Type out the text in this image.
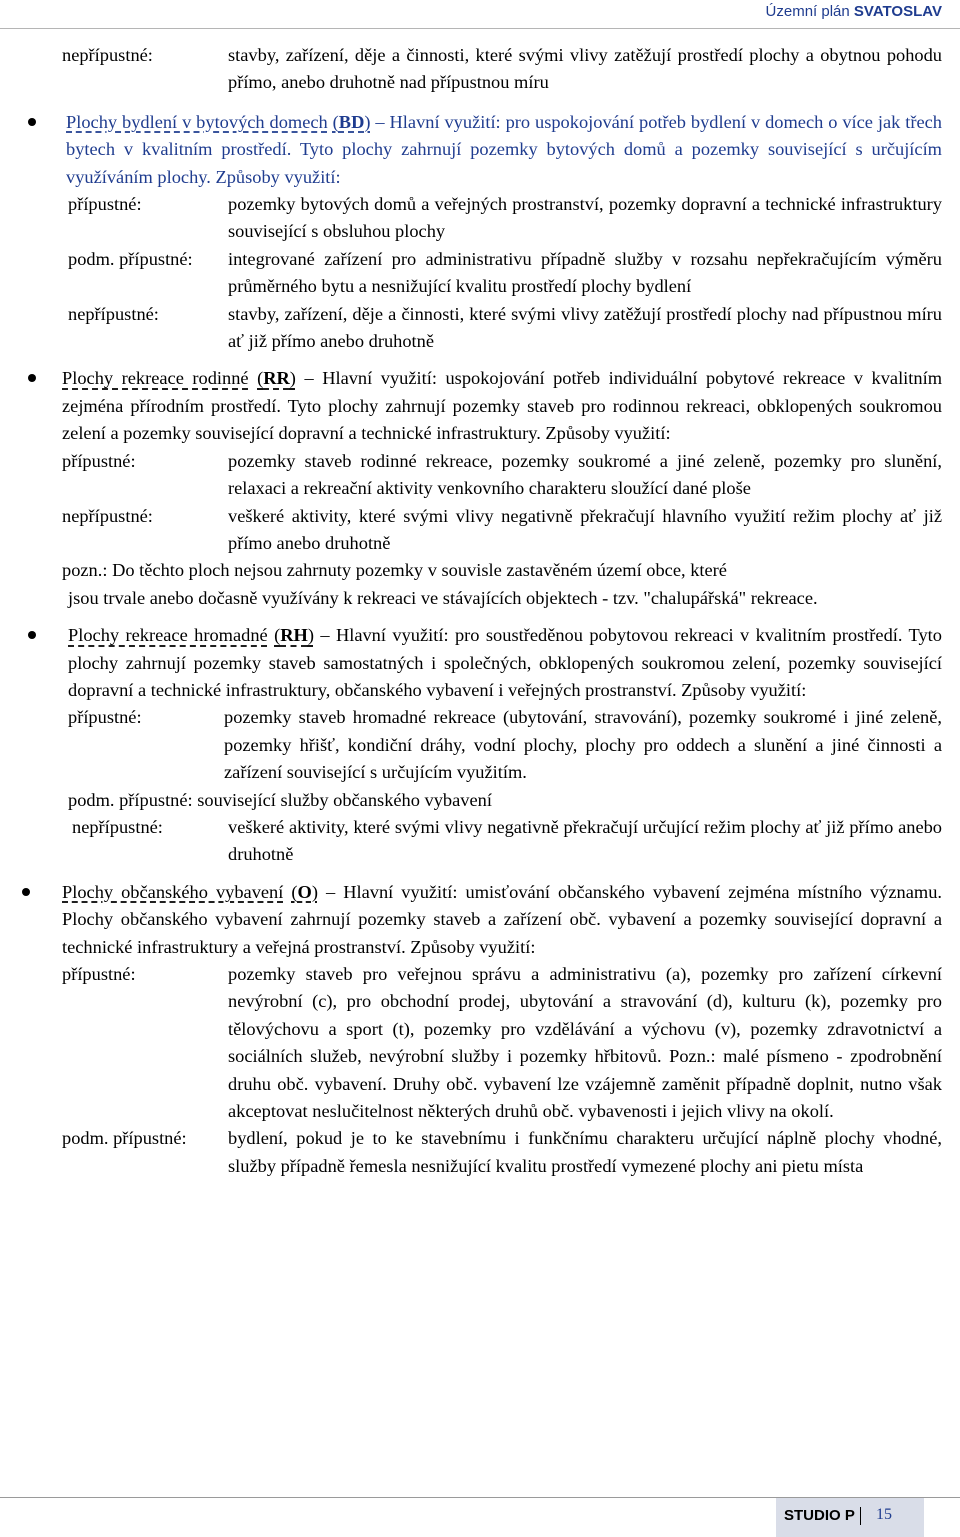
Územní plán SVATOSLAV
nepřípustné:	stavby, zařízení, děje a činnosti, které svými vlivy zatěžují prostředí plochy a obytnou pohodu přímo, anebo druhotně nad přípustnou míru
Plochy bydlení v bytových domech (BD) – Hlavní využití: pro uspokojování potřeb bydlení v domech o více jak třech bytech v kvalitním prostředí. Tyto plochy zahrnují pozemky bytových domů a pozemky související s určujícím využíváním plochy. Způsoby využití:
přípustné:	pozemky bytových domů a veřejných prostranství, pozemky dopravní a technické infrastruktury související s obsluhou plochy
podm. přípustné: integrované zařízení pro administrativu případně služby v rozsahu nepřekračujícím výměru průměrného bytu a nesnižující kvalitu prostředí plochy bydlení
nepřípustné:	stavby, zařízení, děje a činnosti, které svými vlivy zatěžují prostředí plochy nad přípustnou míru ať již přímo anebo druhotně
Plochy rekreace rodinné (RR) – Hlavní využití: uspokojování potřeb individuální pobytové rekreace v kvalitním zejména přírodním prostředí. Tyto plochy zahrnují pozemky staveb pro rodinnou rekreaci, obklopených soukromou zelení a pozemky související dopravní a technické infrastruktury. Způsoby využití:
přípustné:	pozemky staveb rodinné rekreace, pozemky soukromé a jiné zeleně, pozemky pro slunění, relaxaci a rekreační aktivity venkovního charakteru sloužící dané ploše
nepřípustné:	veškeré aktivity, které svými vlivy negativně překračují hlavního využití režim plochy ať již přímo anebo druhotně
pozn.: Do těchto ploch nejsou zahrnuty pozemky v souvisle zastavěném území obce, které
jsou trvale anebo dočasně využívány k rekreaci ve stávajících objektech - tzv. "chalupářská" rekreace.
Plochy rekreace hromadné (RH) – Hlavní využití: pro soustředěnou pobytovou rekreaci v kvalitním prostředí. Tyto plochy zahrnují pozemky staveb samostatných i společných, obklopených soukromou zelení, pozemky související dopravní a technické infrastruktury, občanského vybavení i veřejných prostranství. Způsoby využití:
přípustné:	pozemky staveb hromadné rekreace (ubytování, stravování), pozemky soukromé i jiné zeleně, pozemky hřišť, kondiční dráhy, vodní plochy, plochy pro oddech a slunění a jiné činnosti a zařízení související s určujícím využitím.
podm. přípustné: související služby občanského vybavení
nepřípustné:	veškeré aktivity, které svými vlivy negativně překračují určující režim plochy ať již přímo anebo druhotně
Plochy občanského vybavení (O) – Hlavní využití: umisťování občanského vybavení zejména místního významu. Plochy občanského vybavení zahrnují pozemky staveb a zařízení obč. vybavení a pozemky související dopravní a technické infrastruktury a veřejná prostranství. Způsoby využití:
přípustné:	pozemky staveb pro veřejnou správu a administrativu (a), pozemky pro zařízení církevní nevýrobní (c), pro obchodní prodej, ubytování a stravování (d), kulturu (k), pozemky pro tělovýchovu a sport (t), pozemky pro vzdělávání a výchovu (v), pozemky zdravotnictví a sociálních služeb, nevýrobní služby i pozemky hřbitovů. Pozn.: malé písmeno - zpodrobnění druhu obč. vybavení. Druhy obč. vybavení lze vzájemně zaměnit případně doplnit, nutno však akceptovat neslučitelnost některých druhů obč. vybavenosti i jejich vlivy na okolí.
podm. přípustné: bydlení, pokud je to ke stavebnímu i funkčnímu charakteru určující náplně plochy vhodné, služby případně řemesla nesnižující kvalitu prostředí vymezené plochy ani pietu místa
STUDIO P 15
